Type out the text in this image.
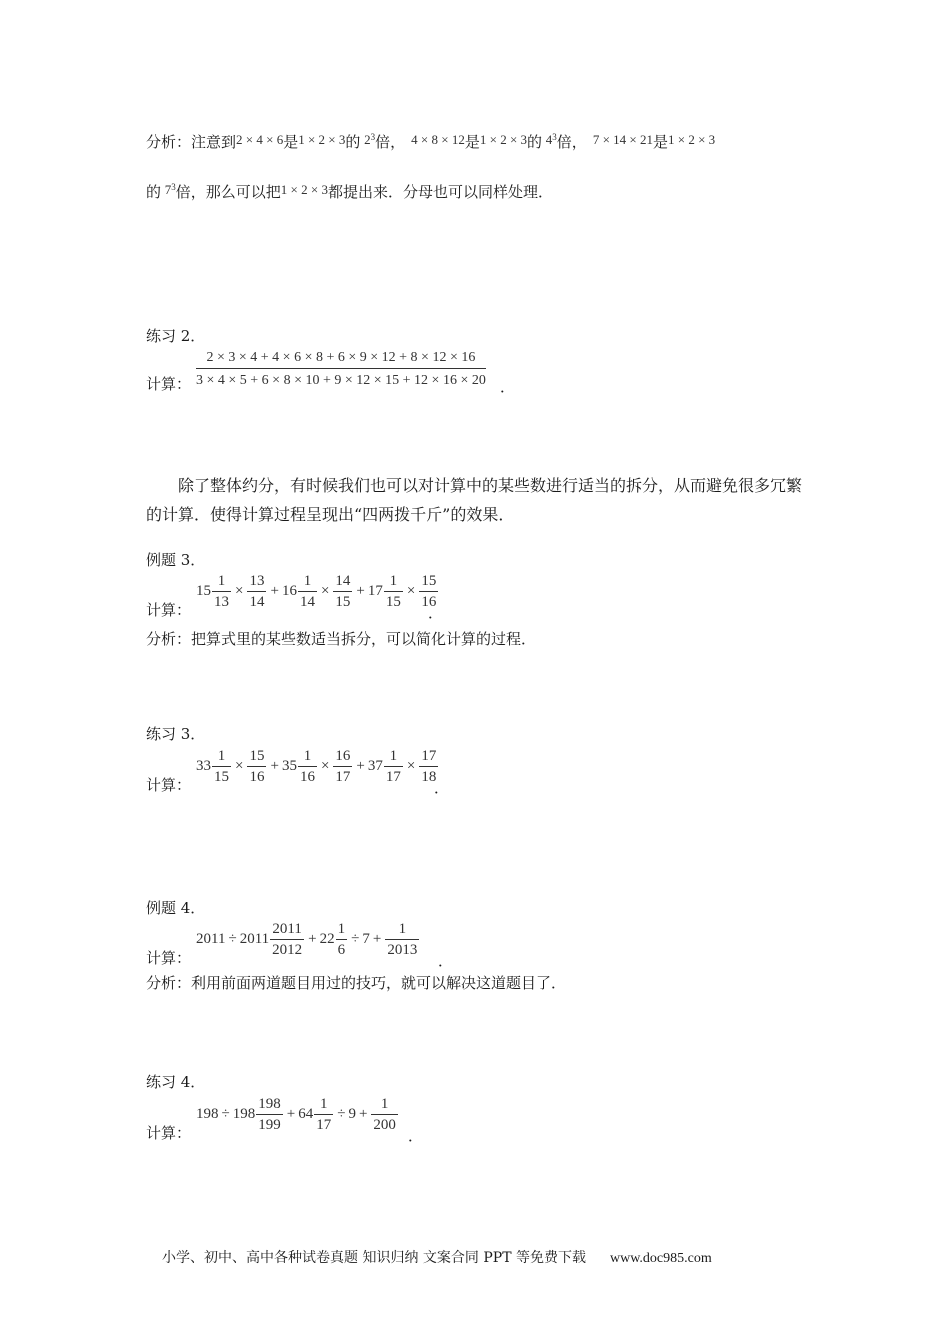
分析：注意到2 × 4 × 6是1 × 2 × 3的 $2^3$倍， 4 × 8 × 12是1 × 2 × 3的 $4^3$倍， 7 × 14 × 21是1 × 2 × 3
的 $7^3$倍，那么可以把1 × 2 × 3都提出来．分母也可以同样处理．
练习 2．
计算： $\frac{2 \times 3 \times 4 + 4 \times 6 \times 8 + 6 \times 9 \times 12 + 8 \times 12 \times 16}{3 \times 4 \times 5 + 6 \times 8 \times 10 + 9 \times 12 \times 15 + 12 \times 16 \times 20}$ ．
除了整体约分，有时候我们也可以对计算中的某些数进行适当的拆分，从而避免很多冗繁的计算．使得计算过程呈现出“四两拨千斤”的效果．
例题 3．
计算：
$15 \frac{1}{13} \times \frac{13}{14} + 16 \frac{1}{14} \times \frac{14}{15} + 17 \frac{1}{15} \times \frac{15}{16}$
．
分析：把算式里的某些数适当拆分，可以简化计算的过程．
练习 3．
计算：
$33 \frac{1}{15} \times \frac{15}{16} + 35 \frac{1}{16} \times \frac{16}{17} + 37 \frac{1}{17} \times \frac{17}{18}$
．
例题 4．
计算：
$2011 \div 2011 \frac{2011}{2012} + 22 \frac{1}{6} \div 7 + \frac{1}{2013}$
．
分析：利用前面两道题目用过的技巧，就可以解决这道题目了．
练习 4．
计算：
$198 \div 198 \frac{198}{199} + 64 \frac{1}{17} \div 9 + \frac{1}{200}$
．
小学、初中、高中各种试卷真题 知识归纳 文案合同 PPT 等免费下载 www.doc985.com
